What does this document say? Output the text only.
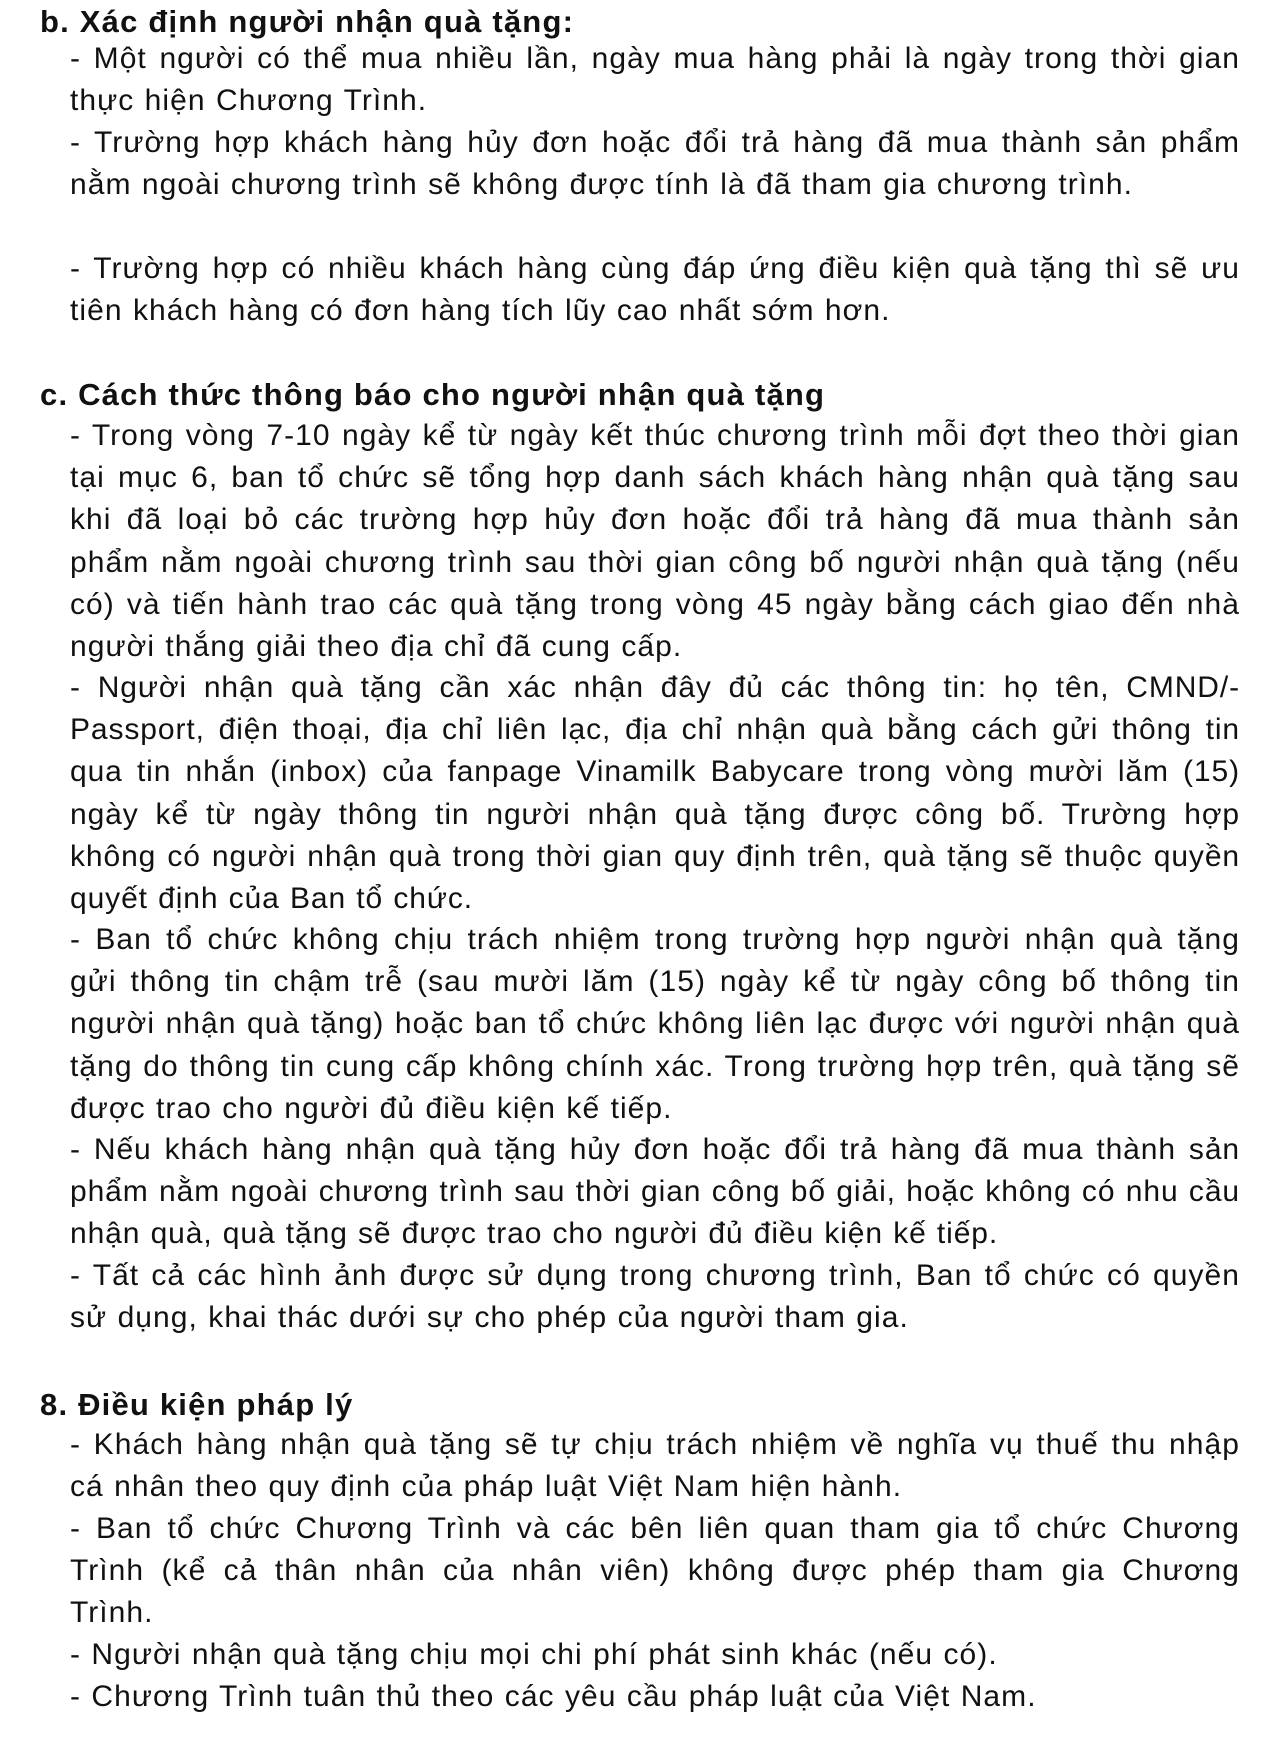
b. Xác định người nhận quà tặng:

- Một người có thể mua nhiều lần, ngày mua hàng phải là ngày trong thời gian thực hiện Chương Trình.

- Trường hợp khách hàng hủy đơn hoặc đổi trả hàng đã mua thành sản phẩm nằm ngoài chương trình sẽ không được tính là đã tham gia chương trình.

- Trường hợp có nhiều khách hàng cùng đáp ứng điều kiện quà tặng thì sẽ ưu tiên khách hàng có đơn hàng tích lũy cao nhất sớm hơn.

c. Cách thức thông báo cho người nhận quà tặng

- Trong vòng 7-10 ngày kể từ ngày kết thúc chương trình mỗi đợt theo thời gian tại mục 6, ban tổ chức sẽ tổng hợp danh sách khách hàng nhận quà tặng sau khi đã loại bỏ các trường hợp hủy đơn hoặc đổi trả hàng đã mua thành sản phẩm nằm ngoài chương trình sau thời gian công bố người nhận quà tặng (nếu có) và tiến hành trao các quà tặng trong vòng 45 ngày bằng cách giao đến nhà người thắng giải theo địa chỉ đã cung cấp.

- Người nhận quà tặng cần xác nhận đây đủ các thông tin: họ tên, CMND/- Passport, điện thoại, địa chỉ liên lạc, địa chỉ nhận quà bằng cách gửi thông tin qua tin nhắn (inbox) của fanpage Vinamilk Babycare trong vòng mười lăm (15) ngày kể từ ngày thông tin người nhận quà tặng được công bố. Trường hợp không có người nhận quà trong thời gian quy định trên, quà tặng sẽ thuộc quyền quyết định của Ban tổ chức.

- Ban tổ chức không chịu trách nhiệm trong trường hợp người nhận quà tặng gửi thông tin chậm trễ (sau mười lăm (15) ngày kể từ ngày công bố thông tin người nhận quà tặng) hoặc ban tổ chức không liên lạc được với người nhận quà tặng do thông tin cung cấp không chính xác. Trong trường hợp trên, quà tặng sẽ được trao cho người đủ điều kiện kế tiếp.

- Nếu khách hàng nhận quà tặng hủy đơn hoặc đổi trả hàng đã mua thành sản phẩm nằm ngoài chương trình sau thời gian công bố giải, hoặc không có nhu cầu nhận quà, quà tặng sẽ được trao cho người đủ điều kiện kế tiếp.

- Tất cả các hình ảnh được sử dụng trong chương trình, Ban tổ chức có quyền sử dụng, khai thác dưới sự cho phép của người tham gia.

8. Điều kiện pháp lý

- Khách hàng nhận quà tặng sẽ tự chịu trách nhiệm về nghĩa vụ thuế thu nhập cá nhân theo quy định của pháp luật Việt Nam hiện hành.

- Ban tổ chức Chương Trình và các bên liên quan tham gia tổ chức Chương Trình (kể cả thân nhân của nhân viên) không được phép tham gia Chương Trình.

- Người nhận quà tặng chịu mọi chi phí phát sinh khác (nếu có).

- Chương Trình tuân thủ theo các yêu cầu pháp luật của Việt Nam.
